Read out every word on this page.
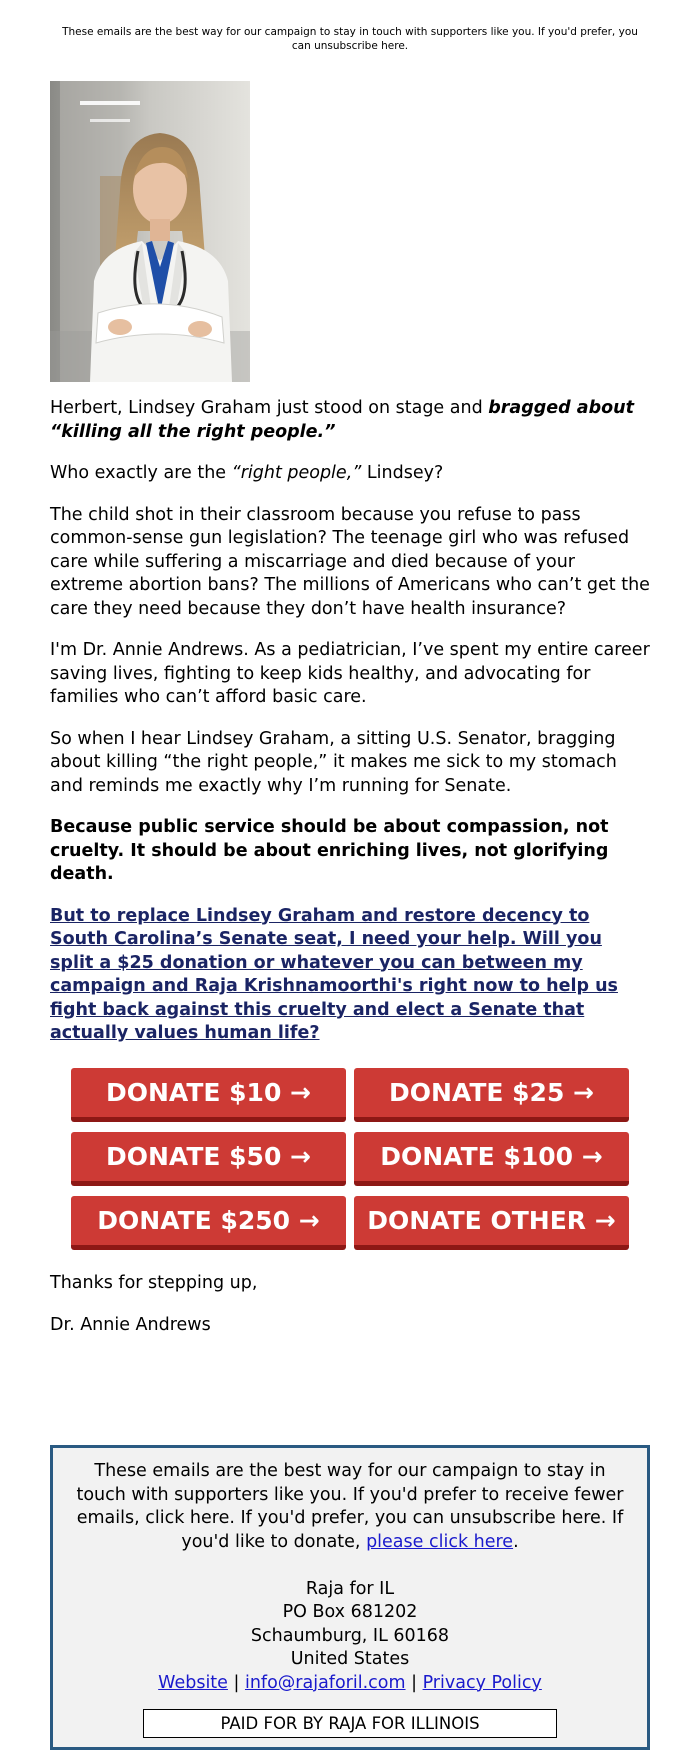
These emails are the best way for our campaign to stay in touch with supporters like you. If you'd prefer, you can unsubscribe here.

Herbert, Lindsey Graham just stood on stage and bragged about “killing all the right people.”

Who exactly are the “right people,” Lindsey?

The child shot in their classroom because you refuse to pass common-sense gun legislation? The teenage girl who was refused care while suffering a miscarriage and died because of your extreme abortion bans? The millions of Americans who can’t get the care they need because they don’t have health insurance?

I'm Dr. Annie Andrews. As a pediatrician, I’ve spent my entire career saving lives, fighting to keep kids healthy, and advocating for families who can’t afford basic care.

So when I hear Lindsey Graham, a sitting U.S. Senator, bragging about killing “the right people,” it makes me sick to my stomach and reminds me exactly why I’m running for Senate.

Because public service should be about compassion, not cruelty. It should be about enriching lives, not glorifying death.

But to replace Lindsey Graham and restore decency to South Carolina’s Senate seat, I need your help. Will you split a $25 donation or whatever you can between my campaign and Raja Krishnamoorthi's right now to help us fight back against this cruelty and elect a Senate that actually values human life?
DONATE $10 →	DONATE $25 →
DONATE $50 →	DONATE $100 →
DONATE $250 →	DONATE OTHER →

Thanks for stepping up,

Dr. Annie Andrews

These emails are the best way for our campaign to stay in touch with supporters like you. If you'd prefer to receive fewer emails, click here. If you'd prefer, you can unsubscribe here. If you'd like to donate, please click here.

Raja for IL

PO Box 681202

Schaumburg, IL 60168

United States

Website | info@rajaforil.com | Privacy Policy

PAID FOR BY RAJA FOR ILLINOIS
